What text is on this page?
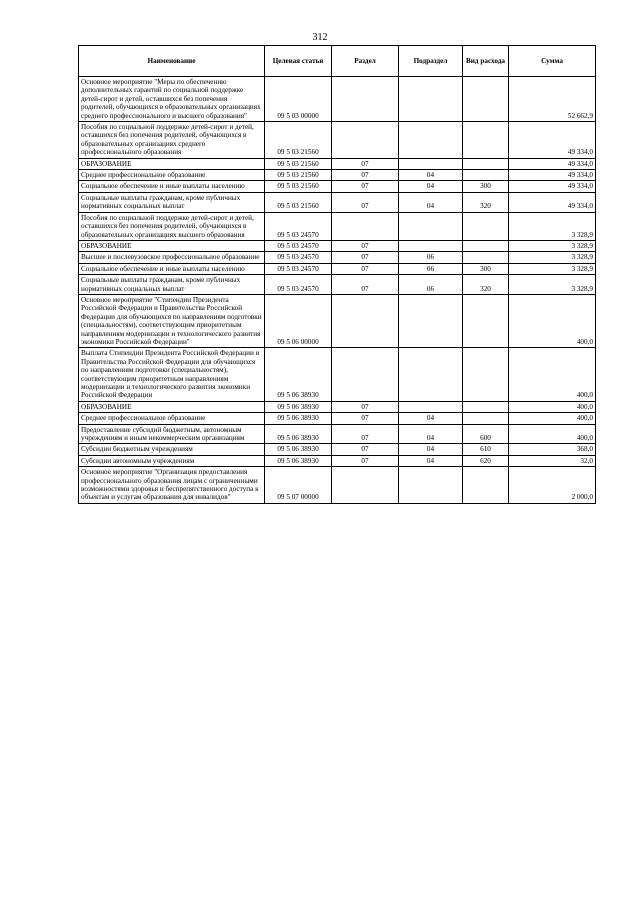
312
Наименование	Целевая статья	Раздел	Подраздел	Вид расхода	Сумма
Основное мероприятие "Меры по обеспечению дополнительных гарантий по социальной поддержке детей-сирот и детей, оставшихся без попечения родителей, обучающихся в образовательных организациях среднего профессионального и высшего образования"	09 5 03 00000				52 662,9
Пособия по социальной поддержке детей-сирот и детей, оставшихся без попечения родителей, обучающихся в образовательных организациях среднего профессионального образования	09 5 03 21560				49 334,0
ОБРАЗОВАНИЕ	09 5 03 21560	07			49 334,0
Среднее профессиональное образование	09 5 03 21560	07	04		49 334,0
Социальное обеспечение и иные выплаты населению	09 5 03 21560	07	04	300	49 334,0
Социальные выплаты гражданам, кроме публичных нормативных социальных выплат	09 5 03 21560	07	04	320	49 334,0
Пособия по социальной поддержке детей-сирот и детей, оставшихся без попечения родителей, обучающихся в образовательных организациях высшего образования	09 5 03 24570				3 328,9
ОБРАЗОВАНИЕ	09 5 03 24570	07			3 328,9
Высшее и послевузовское профессиональное образование	09 5 03 24570	07	06		3 328,9
Социальное обеспечение и иные выплаты населению	09 5 03 24570	07	06	300	3 328,9
Социальные выплаты гражданам, кроме публичных нормативных социальных выплат	09 5 03 24570	07	06	320	3 328,9
Основное мероприятие "Стипендии Президента Российской Федерации и Правительства Российской Федерации для обучающихся по направлениям подготовки (специальностям), соответствующим приоритетным направлениям модернизации и технологического развития экономики Российской Федерации"	09 5 06 00000				400,0
Выплата Стипендии Президента Российской Федерации и Правительства Российской Федерации для обучающихся по направлениям подготовки (специальностям), соответствующим приоритетным направлениям модернизации и технологического развития экономики Российской Федерации	09 5 06 38930				400,0
ОБРАЗОВАНИЕ	09 5 06 38930	07			400,0
Среднее профессиональное образование	09 5 06 38930	07	04		400,0
Предоставление субсидий бюджетным, автономным учреждениям и иным некоммерческим организациям	09 5 06 38930	07	04	600	400,0
Субсидии бюджетным учреждениям	09 5 06 38930	07	04	610	368,0
Субсидии автономным учреждениям	09 5 06 38930	07	04	620	32,0
Основное мероприятие "Организация предоставления профессионального образования лицам с ограниченными возможностями здоровья и беспрепятственного доступа к объектам и услугам образования для инвалидов"	09 5 07 00000				2 000,0
